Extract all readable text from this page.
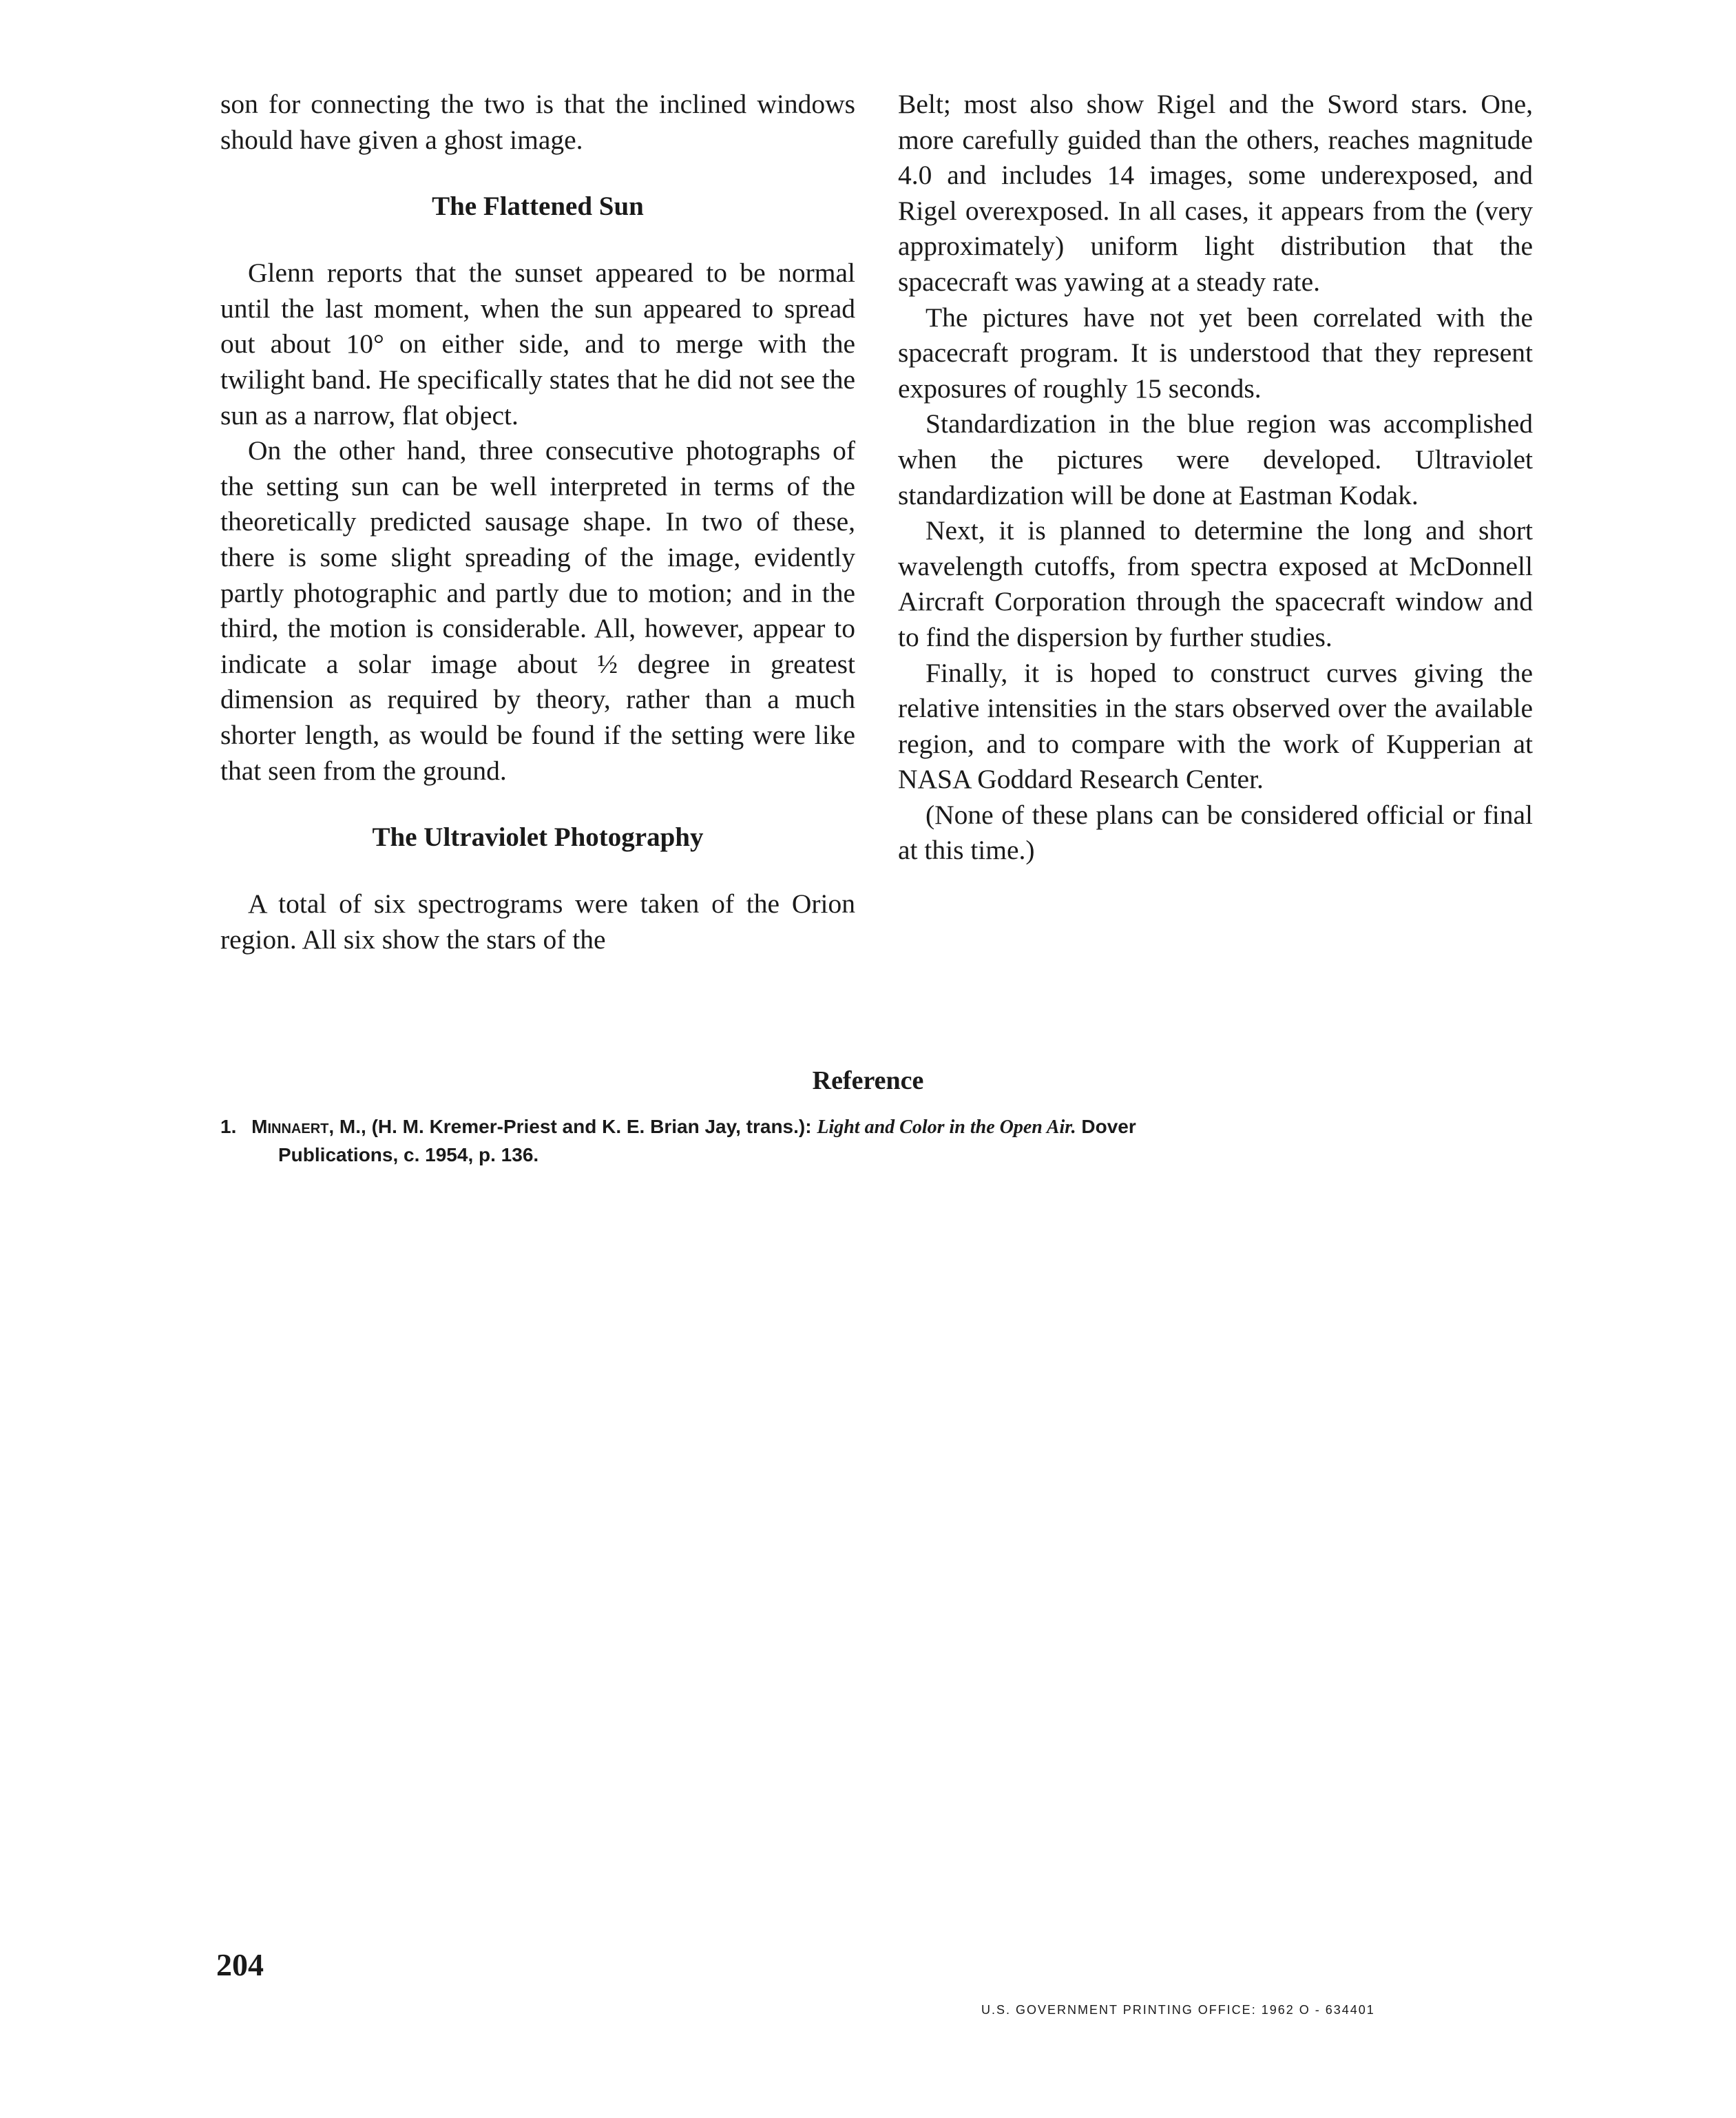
son for connecting the two is that the inclined windows should have given a ghost image.

The Flattened Sun

Glenn reports that the sunset appeared to be normal until the last moment, when the sun appeared to spread out about 10° on either side, and to merge with the twilight band. He specifically states that he did not see the sun as a narrow, flat object.

On the other hand, three consecutive photographs of the setting sun can be well interpreted in terms of the theoretically predicted sausage shape. In two of these, there is some slight spreading of the image, evidently partly photographic and partly due to motion; and in the third, the motion is considerable. All, however, appear to indicate a solar image about ½ degree in greatest dimension as required by theory, rather than a much shorter length, as would be found if the setting were like that seen from the ground.

The Ultraviolet Photography

A total of six spectrograms were taken of the Orion region. All six show the stars of the

Belt; most also show Rigel and the Sword stars. One, more carefully guided than the others, reaches magnitude 4.0 and includes 14 images, some underexposed, and Rigel overexposed. In all cases, it appears from the (very approximately) uniform light distribution that the spacecraft was yawing at a steady rate.

The pictures have not yet been correlated with the spacecraft program. It is understood that they represent exposures of roughly 15 seconds.

Standardization in the blue region was accomplished when the pictures were developed. Ultraviolet standardization will be done at Eastman Kodak.

Next, it is planned to determine the long and short wavelength cutoffs, from spectra exposed at McDonnell Aircraft Corporation through the spacecraft window and to find the dispersion by further studies.

Finally, it is hoped to construct curves giving the relative intensities in the stars observed over the available region, and to compare with the work of Kupperian at NASA Goddard Research Center.

(None of these plans can be considered official or final at this time.)

Reference
1. Minnaert, M., (H. M. Kremer-Priest and K. E. Brian Jay, trans.): Light and Color in the Open Air. Dover
Publications, c. 1954, p. 136.
204
U.S. GOVERNMENT PRINTING OFFICE: 1962 O - 634401
